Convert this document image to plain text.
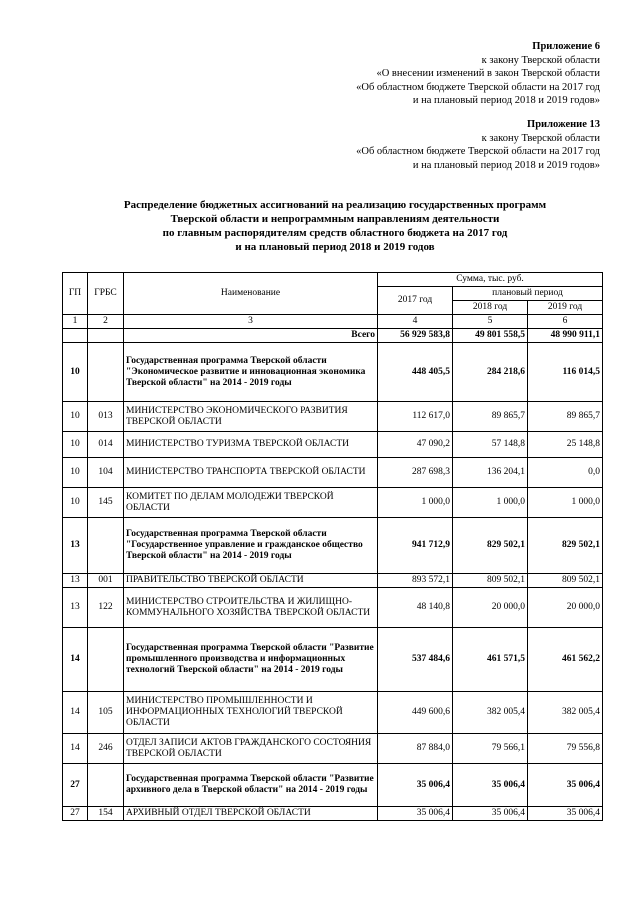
Приложение 6
к закону Тверской области
«О внесении изменений в закон Тверской области
«Об областном бюджете Тверской области на 2017 год
и на плановый период 2018 и 2019 годов»
Приложение 13
к закону Тверской области
«Об областном бюджете Тверской области на 2017 год
и на плановый период 2018 и 2019 годов»
Распределение бюджетных ассигнований на реализацию государственных программ
Тверской области и непрограммным направлениям деятельности
по главным распорядителям средств областного бюджета на 2017 год
и на плановый период 2018 и 2019 годов
ГП	ГРБС	Наименование	Сумма, тыс. руб.		
			2017 год	плановый период	
				2018 год	2019 год
1	2	3	4	5	6
		Всего	56 929 583,8	49 801 558,5	48 990 911,1
10		Государственная программа Тверской области "Экономическое развитие и инновационная экономика Тверской области" на 2014 - 2019 годы	448 405,5	284 218,6	116 014,5
10	013	МИНИСТЕРСТВО ЭКОНОМИЧЕСКОГО РАЗВИТИЯ ТВЕРСКОЙ ОБЛАСТИ	112 617,0	89 865,7	89 865,7
10	014	МИНИСТЕРСТВО ТУРИЗМА ТВЕРСКОЙ ОБЛАСТИ	47 090,2	57 148,8	25 148,8
10	104	МИНИСТЕРСТВО ТРАНСПОРТА ТВЕРСКОЙ ОБЛАСТИ	287 698,3	136 204,1	0,0
10	145	КОМИТЕТ ПО ДЕЛАМ МОЛОДЕЖИ ТВЕРСКОЙ ОБЛАСТИ	1 000,0	1 000,0	1 000,0
13		Государственная программа Тверской области "Государственное управление и гражданское общество Тверской области" на 2014 - 2019 годы	941 712,9	829 502,1	829 502,1
13	001	ПРАВИТЕЛЬСТВО ТВЕРСКОЙ ОБЛАСТИ	893 572,1	809 502,1	809 502,1
13	122	МИНИСТЕРСТВО СТРОИТЕЛЬСТВА И ЖИЛИЩНО-КОММУНАЛЬНОГО ХОЗЯЙСТВА ТВЕРСКОЙ ОБЛАСТИ	48 140,8	20 000,0	20 000,0
14		Государственная программа Тверской области "Развитие промышленного производства и информационных технологий Тверской области" на 2014 - 2019 годы	537 484,6	461 571,5	461 562,2
14	105	МИНИСТЕРСТВО ПРОМЫШЛЕННОСТИ И ИНФОРМАЦИОННЫХ ТЕХНОЛОГИЙ ТВЕРСКОЙ ОБЛАСТИ	449 600,6	382 005,4	382 005,4
14	246	ОТДЕЛ ЗАПИСИ АКТОВ ГРАЖДАНСКОГО СОСТОЯНИЯ ТВЕРСКОЙ ОБЛАСТИ	87 884,0	79 566,1	79 556,8
27		Государственная программа Тверской области "Развитие архивного дела в Тверской области" на 2014 - 2019 годы	35 006,4	35 006,4	35 006,4
27	154	АРХИВНЫЙ ОТДЕЛ ТВЕРСКОЙ ОБЛАСТИ	35 006,4	35 006,4	35 006,4
